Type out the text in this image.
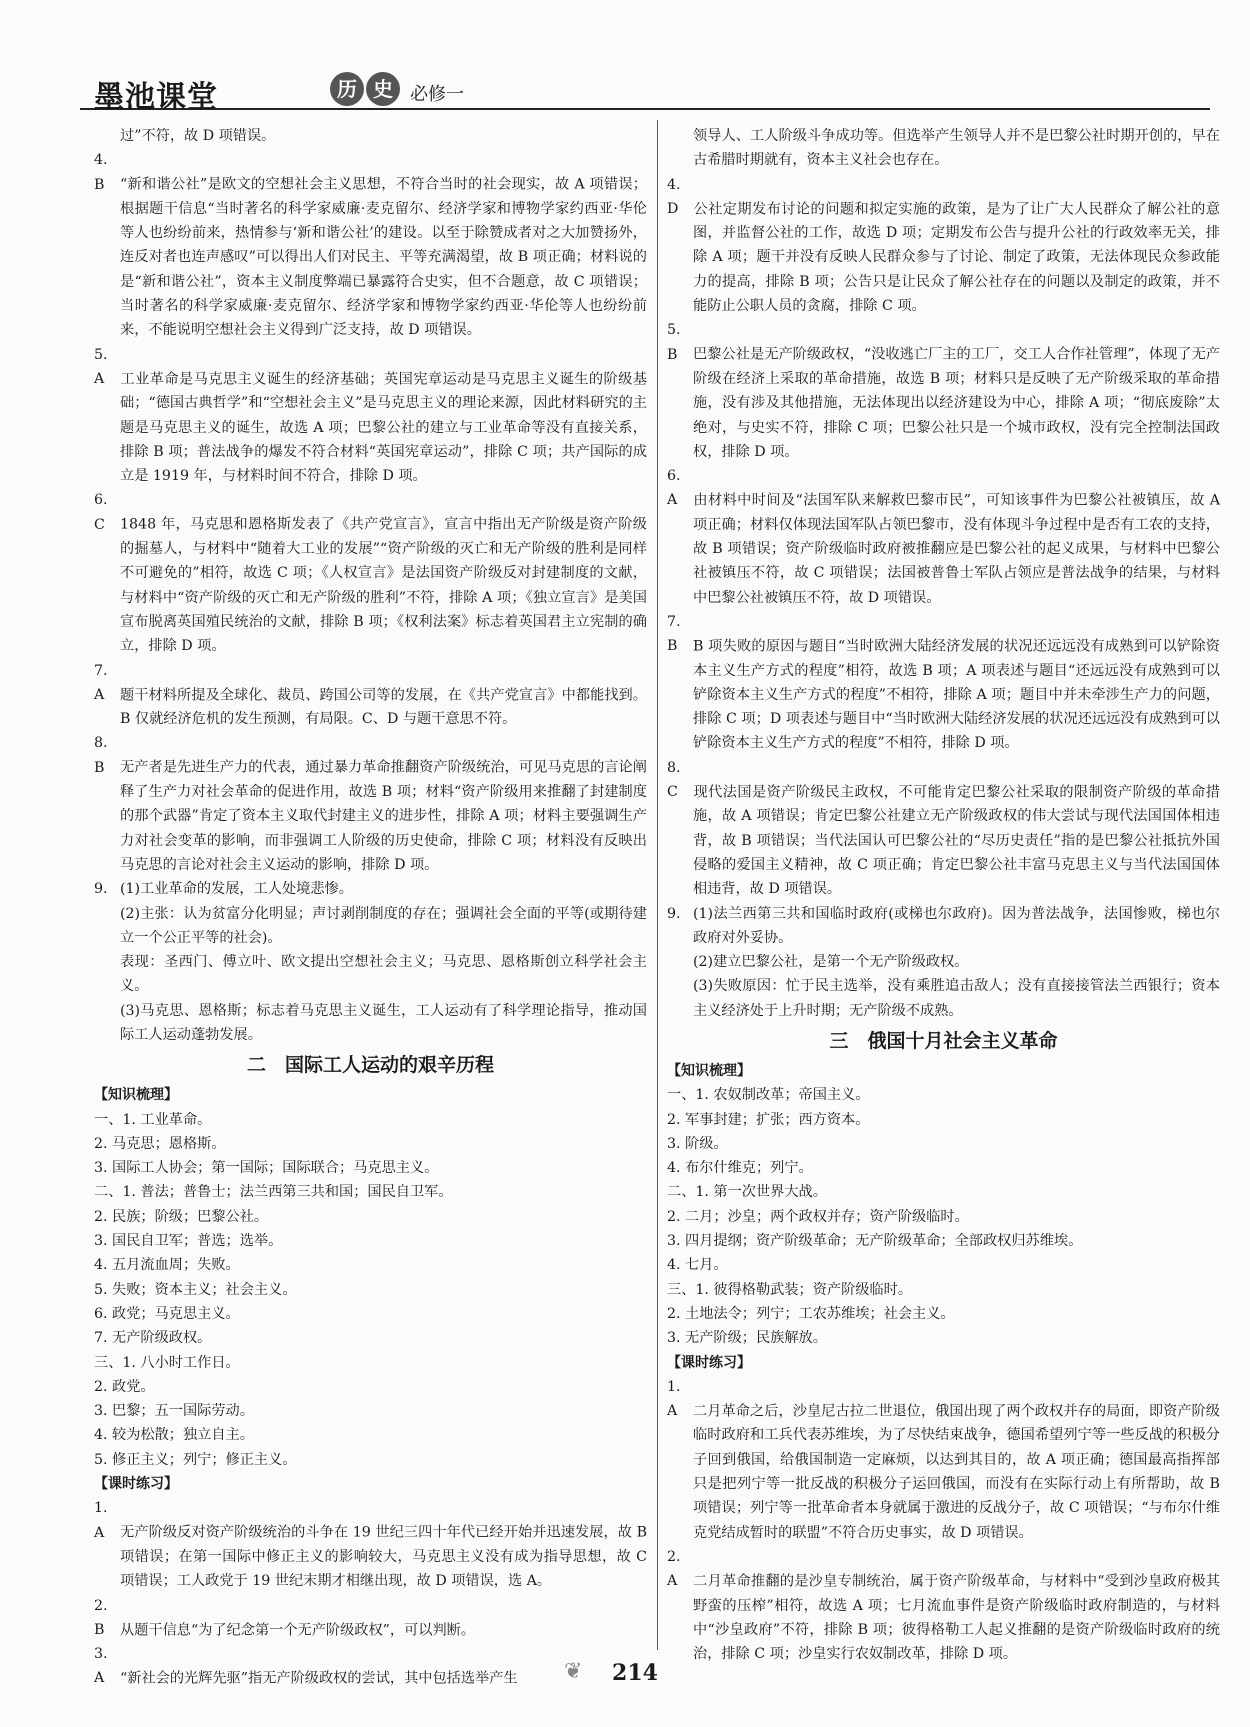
墨池课堂	历 史 必修一
过”不符，故 D 项错误。
4. B “新和谐公社”是欧文的空想社会主义思想，不符合当时的社会现实，故 A 项错误；根据题干信息“当时著名的科学家威廉·麦克留尔、经济学家和博物学家约西亚·华伦等人也纷纷前来，热情参与‘新和谐公社’的建设。以至于除赞成者对之大加赞扬外，连反对者也连声感叹”可以得出人们对民主、平等充满渴望，故 B 项正确；材料说的是“新和谐公社”，资本主义制度弊端已暴露符合史实，但不合题意，故 C 项错误；当时著名的科学家威廉·麦克留尔、经济学家和博物学家约西亚·华伦等人也纷纷前来，不能说明空想社会主义得到广泛支持，故 D 项错误。
5. A 工业革命是马克思主义诞生的经济基础；英国宪章运动是马克思主义诞生的阶级基础；“德国古典哲学”和“空想社会主义”是马克思主义的理论来源，因此材料研究的主题是马克思主义的诞生，故选 A 项；巴黎公社的建立与工业革命等没有直接关系，排除 B 项；普法战争的爆发不符合材料“英国宪章运动”，排除 C 项；共产国际的成立是 1919 年，与材料时间不符合，排除 D 项。
6. C 1848 年，马克思和恩格斯发表了《共产党宣言》，宣言中指出无产阶级是资产阶级的掘墓人，与材料中“随着大工业的发展”“资产阶级的灭亡和无产阶级的胜利是同样不可避免的”相符，故选 C 项；《人权宣言》是法国资产阶级反对封建制度的文献，与材料中“资产阶级的灭亡和无产阶级的胜利”不符，排除 A 项；《独立宣言》是美国宣布脱离英国殖民统治的文献，排除 B 项；《权利法案》标志着英国君主立宪制的确立，排除 D 项。
7. A 题干材料所提及全球化、裁员、跨国公司等的发展，在《共产党宣言》中都能找到。B 仅就经济危机的发生预测，有局限。C、D 与题干意思不符。
8. B 无产者是先进生产力的代表，通过暴力革命推翻资产阶级统治，可见马克思的言论阐释了生产力对社会革命的促进作用，故选 B 项；材料“资产阶级用来推翻了封建制度的那个武器”肯定了资本主义取代封建主义的进步性，排除 A 项；材料主要强调生产力对社会变革的影响，而非强调工人阶级的历史使命，排除 C 项；材料没有反映出马克思的言论对社会主义运动的影响，排除 D 项。
9. (1)工业革命的发展，工人处境悲惨。
(2)主张：认为贫富分化明显；声讨剥削制度的存在；强调社会全面的平等(或期待建立一个公正平等的社会)。
表现：圣西门、傅立叶、欧文提出空想社会主义；马克思、恩格斯创立科学社会主义。
(3)马克思、恩格斯；标志着马克思主义诞生，工人运动有了科学理论指导，推动国际工人运动蓬勃发展。
二　国际工人运动的艰辛历程
【知识梳理】
一、1. 工业革命。
2. 马克思；恩格斯。
3. 国际工人协会；第一国际；国际联合；马克思主义。
二、1. 普法；普鲁士；法兰西第三共和国；国民自卫军。
2. 民族；阶级；巴黎公社。
3. 国民自卫军；普选；选举。
4. 五月流血周；失败。
5. 失败；资本主义；社会主义。
6. 政党；马克思主义。
7. 无产阶级政权。
三、1. 八小时工作日。
2. 政党。
3. 巴黎；五一国际劳动。
4. 较为松散；独立自主。
5. 修正主义；列宁；修正主义。
【课时练习】
1. A 无产阶级反对资产阶级统治的斗争在 19 世纪三四十年代已经开始并迅速发展，故 B 项错误；在第一国际中修正主义的影响较大，马克思主义没有成为指导思想，故 C 项错误；工人政党于 19 世纪末期才相继出现，故 D 项错误，选 A。
2. B 从题干信息“为了纪念第一个无产阶级政权”，可以判断。
3. A “新社会的光辉先驱”指无产阶级政权的尝试，其中包括选举产生
领导人、工人阶级斗争成功等。但选举产生领导人并不是巴黎公社时期开创的，早在古希腊时期就有，资本主义社会也存在。
4. D 公社定期发布讨论的问题和拟定实施的政策，是为了让广大人民群众了解公社的意图，并监督公社的工作，故选 D 项；定期发布公告与提升公社的行政效率无关，排除 A 项；题干并没有反映人民群众参与了讨论、制定了政策，无法体现民众参政能力的提高，排除 B 项；公告只是让民众了解公社存在的问题以及制定的政策，并不能防止公职人员的贪腐，排除 C 项。
5. B 巴黎公社是无产阶级政权，“没收逃亡厂主的工厂，交工人合作社管理”，体现了无产阶级在经济上采取的革命措施，故选 B 项；材料只是反映了无产阶级采取的革命措施，没有涉及其他措施，无法体现出以经济建设为中心，排除 A 项；“彻底废除”太绝对，与史实不符，排除 C 项；巴黎公社只是一个城市政权，没有完全控制法国政权，排除 D 项。
6. A 由材料中时间及“法国军队来解救巴黎市民”，可知该事件为巴黎公社被镇压，故 A 项正确；材料仅体现法国军队占领巴黎市，没有体现斗争过程中是否有工农的支持，故 B 项错误；资产阶级临时政府被推翻应是巴黎公社的起义成果，与材料中巴黎公社被镇压不符，故 C 项错误；法国被普鲁士军队占领应是普法战争的结果，与材料中巴黎公社被镇压不符，故 D 项错误。
7. B B 项失败的原因与题目“当时欧洲大陆经济发展的状况还远远没有成熟到可以铲除资本主义生产方式的程度”相符，故选 B 项；A 项表述与题目“还远远没有成熟到可以铲除资本主义生产方式的程度”不相符，排除 A 项；题目中并未牵涉生产力的问题，排除 C 项；D 项表述与题目中“当时欧洲大陆经济发展的状况还远远没有成熟到可以铲除资本主义生产方式的程度”不相符，排除 D 项。
8. C 现代法国是资产阶级民主政权，不可能肯定巴黎公社采取的限制资产阶级的革命措施，故 A 项错误；肯定巴黎公社建立无产阶级政权的伟大尝试与现代法国国体相违背，故 B 项错误；当代法国认可巴黎公社的“尽历史责任”指的是巴黎公社抵抗外国侵略的爱国主义精神，故 C 项正确；肯定巴黎公社丰富马克思主义与当代法国国体相违背，故 D 项错误。
9. (1)法兰西第三共和国临时政府(或梯也尔政府)。因为普法战争，法国惨败，梯也尔政府对外妥协。
(2)建立巴黎公社，是第一个无产阶级政权。
(3)失败原因：忙于民主选举，没有乘胜追击敌人；没有直接接管法兰西银行；资本主义经济处于上升时期；无产阶级不成熟。
三　俄国十月社会主义革命
【知识梳理】
一、1. 农奴制改革；帝国主义。
2. 军事封建；扩张；西方资本。
3. 阶级。
4. 布尔什维克；列宁。
二、1. 第一次世界大战。
2. 二月；沙皇；两个政权并存；资产阶级临时。
3. 四月提纲；资产阶级革命；无产阶级革命；全部政权归苏维埃。
4. 七月。
三、1. 彼得格勒武装；资产阶级临时。
2. 土地法令；列宁；工农苏维埃；社会主义。
3. 无产阶级；民族解放。
【课时练习】
1. A 二月革命之后，沙皇尼古拉二世退位，俄国出现了两个政权并存的局面，即资产阶级临时政府和工兵代表苏维埃，为了尽快结束战争，德国希望列宁等一些反战的积极分子回到俄国，给俄国制造一定麻烦，以达到其目的，故 A 项正确；德国最高指挥部只是把列宁等一批反战的积极分子运回俄国，而没有在实际行动上有所帮助，故 B 项错误；列宁等一批革命者本身就属于激进的反战分子，故 C 项错误；“与布尔什维克党结成暂时的联盟”不符合历史事实，故 D 项错误。
2. A 二月革命推翻的是沙皇专制统治，属于资产阶级革命，与材料中“受到沙皇政府极其野蛮的压榨”相符，故选 A 项；七月流血事件是资产阶级临时政府制造的，与材料中“沙皇政府”不符，排除 B 项；彼得格勒工人起义推翻的是资产阶级临时政府的统治，排除 C 项；沙皇实行农奴制改革，排除 D 项。
❦ 214
